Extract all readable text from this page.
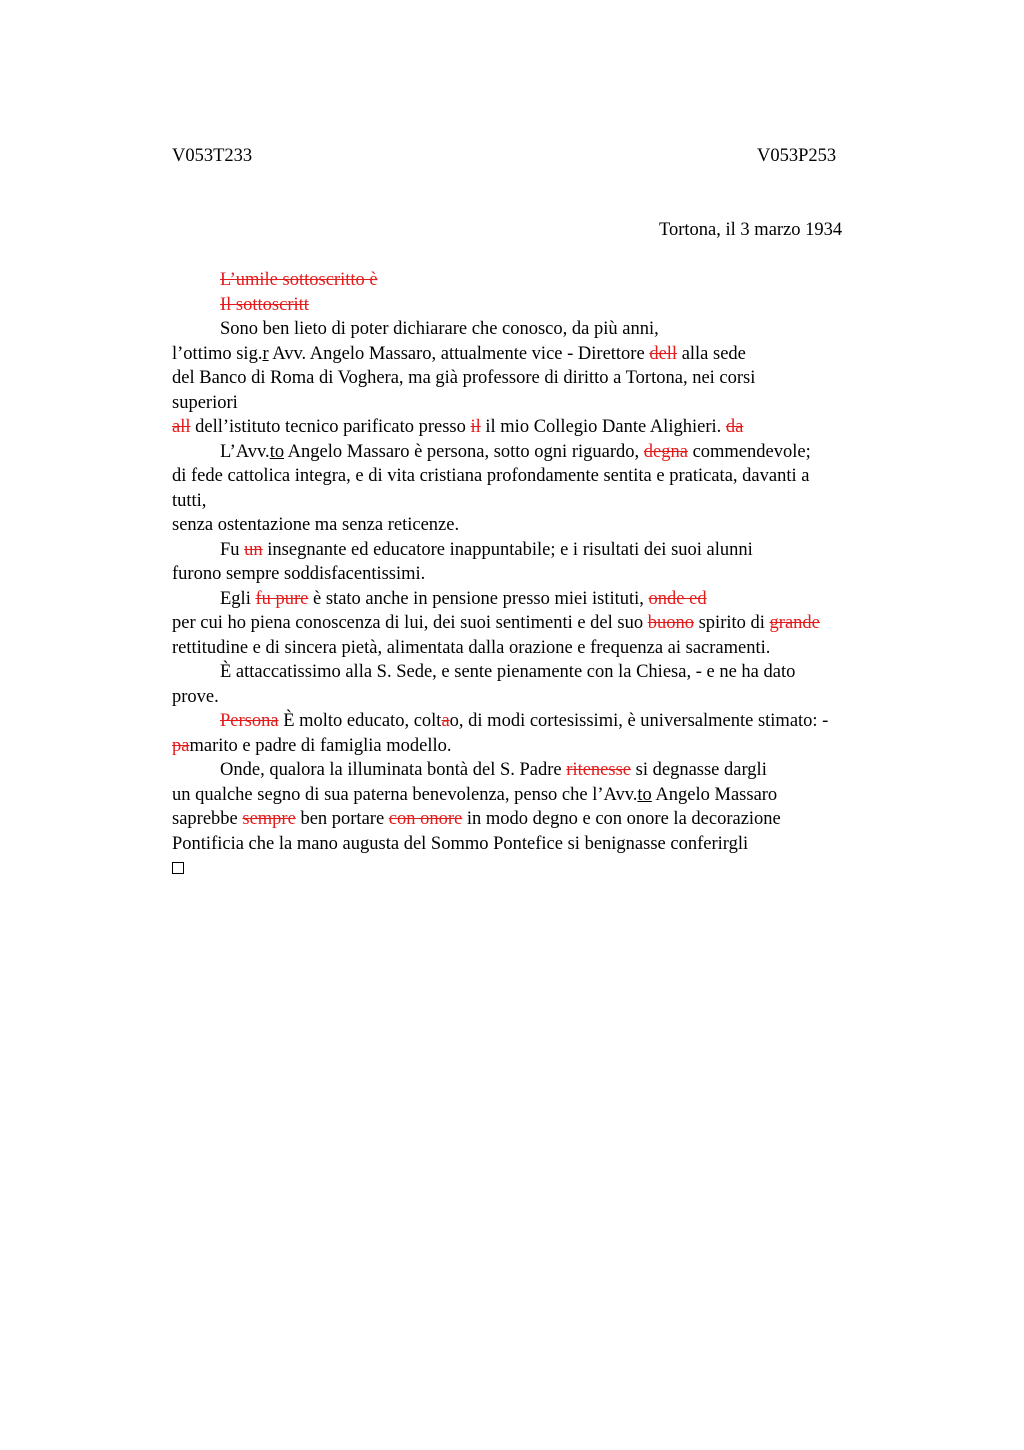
V053T233	V053P253
Tortona, il 3 marzo 1934
L’umile sottoscritto è
Il sottoscritt
Sono ben lieto di poter dichiarare che conosco, da più anni,
l’ottimo sig.r Avv. Angelo Massaro, attualmente vice - Direttore dell alla sede
del Banco di Roma di Voghera, ma già professore di diritto a Tortona, nei corsi
superiori
all dell’istituto tecnico parificato presso il il mio Collegio Dante Alighieri. da
L’Avv.to Angelo Massaro è persona, sotto ogni riguardo, degna commendevole;
di fede cattolica integra, e di vita cristiana profondamente sentita e praticata, davanti a
tutti,
senza ostentazione ma senza reticenze.
Fu un insegnante ed educatore inappuntabile; e i risultati dei suoi alunni
furono sempre soddisfacentissimi.
Egli fu pure è stato anche in pensione presso miei istituti, onde ed
per cui ho piena conoscenza di lui, dei suoi sentimenti e del suo buono spirito di grande
rettitudine e di sincera pietà, alimentata dalla orazione e frequenza ai sacramenti.
È attaccatissimo alla S. Sede, e sente pienamente con la Chiesa, - e ne ha dato
prove.
Persona È molto educato, coltao, di modi cortesissimi, è universalmente stimato: -
pamarito e padre di famiglia modello.
Onde, qualora la illuminata bontà del S. Padre ritenesse si degnasse dargli
un qualche segno di sua paterna benevolenza, penso che l’Avv.to Angelo Massaro
saprebbe sempre ben portare con onore in modo degno e con onore la decorazione
Pontificia che la mano augusta del Sommo Pontefice si benignasse conferirgli
